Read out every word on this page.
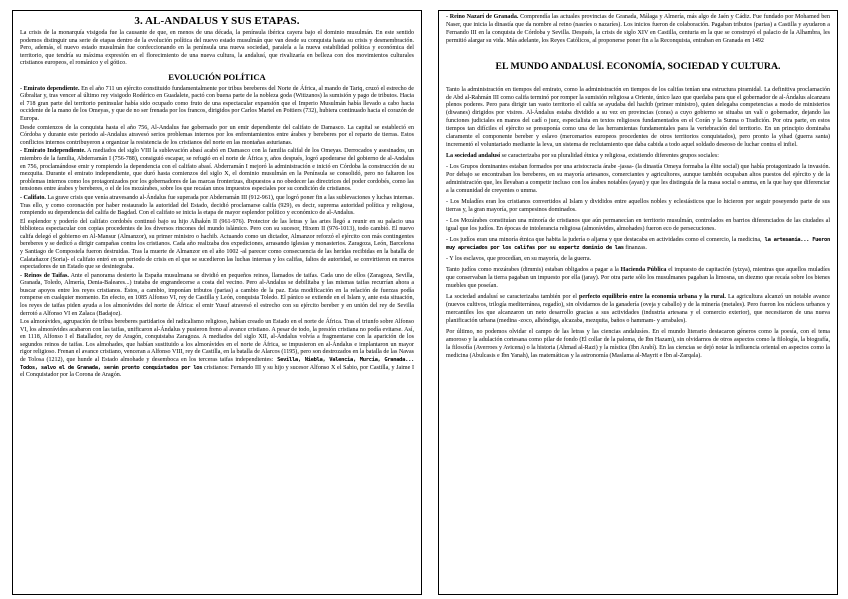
3. AL-ANDALUS Y SUS ETAPAS.

La crisis de la monarquía visigoda fue la causante de que, en menos de una década, la península ibérica cayera bajo el dominio musulmán. En este sentido podemos distinguir una serie de etapas dentro de la evolución política del nuevo estado musulmán que van desde su conquista hasta su crisis y desmembración. Pero, además, el nuevo estado musulmán fue confeccionando en la península una nueva sociedad, paralela a la nueva estabilidad política y económica del territorio, que tendría su máxima expresión en el florecimiento de una nueva cultura, la andalusí, que rivalizaría en belleza con dos movimientos culturales cristianos europeos, el románico y el gótico.

EVOLUCIÓN POLÍTICA

- Emirato dependiente. En el año 711 un ejército constituido fundamentalmente por tribus bereberes del Norte de África, al mando de Tariq, cruzó el estrecho de Gibraltar y, tras vencer al último rey visigodo Rodérico en Guadalete, pactó con buena parte de la nobleza goda (Witizanos) la sumisión y pago de tributos. Hacia el 718 gran parte del territorio peninsular había sido ocupado como fruto de una espectacular expansión que el Imperio Musulmán había llevado a cabo hacia occidente de la mano de los Omeyas, y que de no ser frenada por los francos, dirigidos por Carlos Martel en Poitiers (732), hubiera continuado hacia el corazón de Europa.

Desde comienzos de la conquista hasta el año 756, Al-Andalus fue gobernado por un emir dependiente del califato de Damasco. La capital se estableció en Córdoba y durante este periodo al-Andalus atravesó serios problemas internos por los enfrentamientos entre árabes y bereberes por el reparto de tierras. Estos conflictos internos contribuyeron a organizar la resistencia de los cristianos del norte en las montañas asturianas.

- Emirato Independiente. A mediados del siglo VIII la sublevación abasí acabó en Damasco con la familia califal de los Omeyas. Derrocados y asesinados, un miembro de la familia, Abderramán I (756-788), consiguió escapar, se refugió en el norte de África y, años después, logró apoderarse del gobierno de al-Andalus en 756, proclamándose emir y rompiendo la dependencia con el califato abasí. Abderramán I mejoró la administración e inició en Córdoba la construcción de su mezquita. Durante el emirato independiente, que duró hasta comienzos del siglo X, el dominio musulmán en la Península se consolidó, pero no faltaron los problemas internos como los protagonizados por los gobernadores de las marcas fronterizas, dispuestos a no obedecer las directrices del poder cordobés, como las tensiones entre árabes y bereberes, o el de los mozárabes, sobre los que recaían unos impuestos especiales por su condición de cristianos.

- Califato. La grave crisis que venía atravesando al-Ándalus fue superada por Abderramán III (912-961), que logró poner fin a las sublevaciones y luchas internas. Tras ello, y como coronación por haber restaurado la autoridad del Estado, decidió proclamarse califa (929), es decir, suprema autoridad política y religiosa, rompiendo su dependencia del califa de Bagdad. Con el califato se inicia la etapa de mayor esplendor político y económico de al-Andalus.

El esplendor y poderío del califato cordobés continuó bajo su hijo Alhakén II (961-976). Protector de las letras y las artes llegó a reunir en su palacio una biblioteca espectacular con copias procedentes de los diversos rincones del mundo islámico. Pero con su sucesor, Hixem II (976-1013), todo cambió. El nuevo califa delegó el gobierno en Al-Mansur (Almanzor), su primer ministro o hachib. Actuando como un dictador, Almanzor reforzó el ejército con más contingentes bereberes y se dedicó a dirigir campañas contra los cristianos. Cada año realizaba dos expediciones, arrasando iglesias y monasterios. Zaragoza, León, Barcelona y Santiago de Compostela fueron destruidas. Tras la muerte de Almanzor en el año 1002 -al parecer como consecuencia de las heridas recibidas en la batalla de Calatañazor (Soria)- el califato entró en un periodo de crisis en el que se sucedieron las luchas internas y los califas, faltos de autoridad, se convirtieron en meros espectadores de un Estado que se desintegraba.

- Reinos de Taifas. Ante el panorama desierto la España musulmana se dividió en pequeños reinos, llamados de taifas. Cada uno de ellos (Zaragoza, Sevilla, Granada, Toledo, Almería, Denia-Baleares...) trataba de engrandecerse a costa del vecino. Pero al-Ándalus se debilitaba y las mismas taifas recurrían ahora a buscar apoyos entre los reyes cristianos. Éstos, a cambio, imponían tributos (parias) a cambio de la paz. Esta modificación en la relación de fuerzas podía romperse en cualquier momento. En efecto, en 1085 Alfonso VI, rey de Castilla y León, conquista Toledo. El pánico se extiende en el Islam y, ante esta situación, los reyes de taifas piden ayuda a los almorávides del norte de África: el emir Yusuf atravesó el estrecho con su ejército bereber y en unión del rey de Sevilla derrotó a Alfonso VI en Zalaca (Badajoz).

Los almorávides, agrupación de tribus bereberes partidarios del radicalismo religioso, habían creado un Estado en el norte de África. Tras el triunfo sobre Alfonso VI, los almorávides acabaron con las taifas, unificaron al-Ándalus y pusieron freno al avance cristiano. A pesar de todo, la presión cristiana no podía evitarse. Así, en 1118, Alfonso I el Batallador, rey de Aragón, conquistaba Zaragoza. A mediados del siglo XII, al-Ándalus volvía a fragmentarse con la aparición de los segundos reinos de taifas. Los almohades, que habían sustituido a los almorávides en el norte de África, se impusieron en al-Ándalus e implantaron un mayor rigor religioso. Frenan el avance cristiano, venceran a Alfonso VIII, rey de Castilla, en la batalla de Alarcos (1195), pero son destrozados en la batalla de las Navas de Tolosa (1212), que hunde al Estado almohade y desemboca en los terceras taifas independientes: Sevilla, Niebla, Valencia, Murcia, Granada... Todos, salvo el de Granada, serán pronto conquistados por los cristianos: Fernando III y su hijo y sucesor Alfonso X el Sabio, por Castilla, y Jaime I el Conquistador por la Corona de Aragón.

- Reino Nazarí de Granada. Comprendía las actuales provincias de Granada, Málaga y Almería, más algo de Jaén y Cádiz. Fue fundado por Mohamed ben Naser, que inicia la dinastía que da nombre al reino (nasríes o nazaríes). Los inicios fueron de colaboración. Pagaban tributos (parias) a Castilla y ayudaron a Fernando III en la conquista de Córdoba y Sevilla. Después, la crisis de siglo XIV en Castilla, centuria en la que se construyó el palacio de la Alhambra, les permitió alargar su vida. Más adelante, los Reyes Católicos, al proponerse poner fin a la Reconquista, entraban en Granada en 1492

EL MUNDO ANDALUSÍ. ECONOMÍA, SOCIEDAD Y CULTURA.

Tanto la administración en tiempos del emirato, como la administración en tiempos de los califas tenían una estructura piramidal. La definitiva proclamación de Abd al-Rahmán III como califa terminó por romper la sumisión religiosa a Oriente, único lazo que quedaba para que el gobernador de al-Ándalus alcanzara plenos poderes. Pero para dirigir tan vasto territorio el califa se ayudaba del hachib (primer ministro), quien delegaba competencias a modo de ministerios (diwanes) dirigidos por visires. Al-Ándalus estaba dividido a su vez en provincias (coras) a cuyo gobierno se situaba un valí o gobernador, dejando las funciones judiciales en manos del cadí o juez, especialista en textos religiosos fundamentados en el Corán y la Sunna o Tradición. Por otra parte, en estos tiempos tan difíciles el ejército se presuponía como una de las herramientas fundamentales para la vertebración del territorio. En un principio dominaba claramente el componente bereber y eslavo (mercenarios europeos procedentes de otros territorios conquistados), pero pronto la yihad (guerra santa) incrementó el voluntariado mediante la leva, un sistema de reclutamiento que daba cabida a todo aquel soldado deseoso de luchar contra el infiel.

La sociedad andalusí se caracterizaba por su pluralidad étnica y religiosa, existiendo diferentes grupos sociales:

- Los Grupos dominantes estaban formados por una aristocracia árabe -jassa- (la dinastía Omeya formaba la élite social) que había protagonizado la invasión. Por debajo se encontraban los bereberes, en su mayoría artesanos, comerciantes y agricultores, aunque también ocupaban altos puestos del ejército y de la administración que, les llevaban a competir incluso con los árabes notables (ayan) y que les distinguía de la masa social o amma, en la que hay que diferenciar a la comunidad de creyentes o umma.

- Los Muladíes eran los cristianos convertidos al Islam y divididos entre aquellos nobles y eclesiásticos que lo hicieron por seguir poseyendo parte de sus tierras y, la gran mayoría, por campesinos dominados.

- Los Mozárabes constituían una minoría de cristianos que aún permanecían en territorio musulmán, controlados en barrios diferenciados de las ciudades al igual que los judíos. En épocas de intolerancia religiosa (almorávides, almohades) fueron eco de persecuciones.

- Los judíos eran una minoría étnica que habita la judería o aljama y que destacaba en actividades como el comercio, la medicina, la artesanía... Fueron muy apreciados por los califas por su expertz dominio de las finanzas.

- Y los esclavos, que procedían, en su mayoría, de la guerra.

Tanto judíos como mozárabes (dimmis) estaban obligados a pagar a la Hacienda Pública el impuesto de capitación (yizya), mientras que aquellos muladíes que conservaban la tierra pagaban un impuesto por ella (jaray). Por otra parte sólo los musulmanes pagaban la limosna, un diezmo que recaía sobre los bienes muebles que poseían.

La sociedad andalusí se caracterizaba también por el perfecto equilibrio entre la economía urbana y la rural. La agricultura alcanzó un notable avance (nuevos cultivos, trilogía mediterránea, regadío), sin olvidarnos de la ganadería (oveja y caballo) y de la minería (metales). Pero fueron los núcleos urbanos y mercantiles los que alcanzaron un neto desarrollo gracias a sus actividades (industria artesana y el comercio exterior), que necesitaron de una nueva planificación urbana (medina -zoco, alhóndiga, alcazaba, mezquita, baños o hammam- y arrabales).

Por último, no podemos olvidar el campo de las letras y las ciencias andalusíes. En el mundo literario destacaron géneros como la poesía, con el tema amoroso y la adulación cortesana como pilar de fondo (El collar de la paloma, de Ibn Hazam), sin olvidarnos de otros aspectos como la filología, la biografía, la filosofía (Averroes y Avicena) o la historia (Ahmad al-Razi) y la mística (Ibn Arabí). En las ciencias se dejó notar la influencia oriental en aspectos como la medicina (Abulcasis e Ibn Yanah), las matemáticas y la astronomía (Maslama al-Mayrit e Ibn al-Zarqala).
